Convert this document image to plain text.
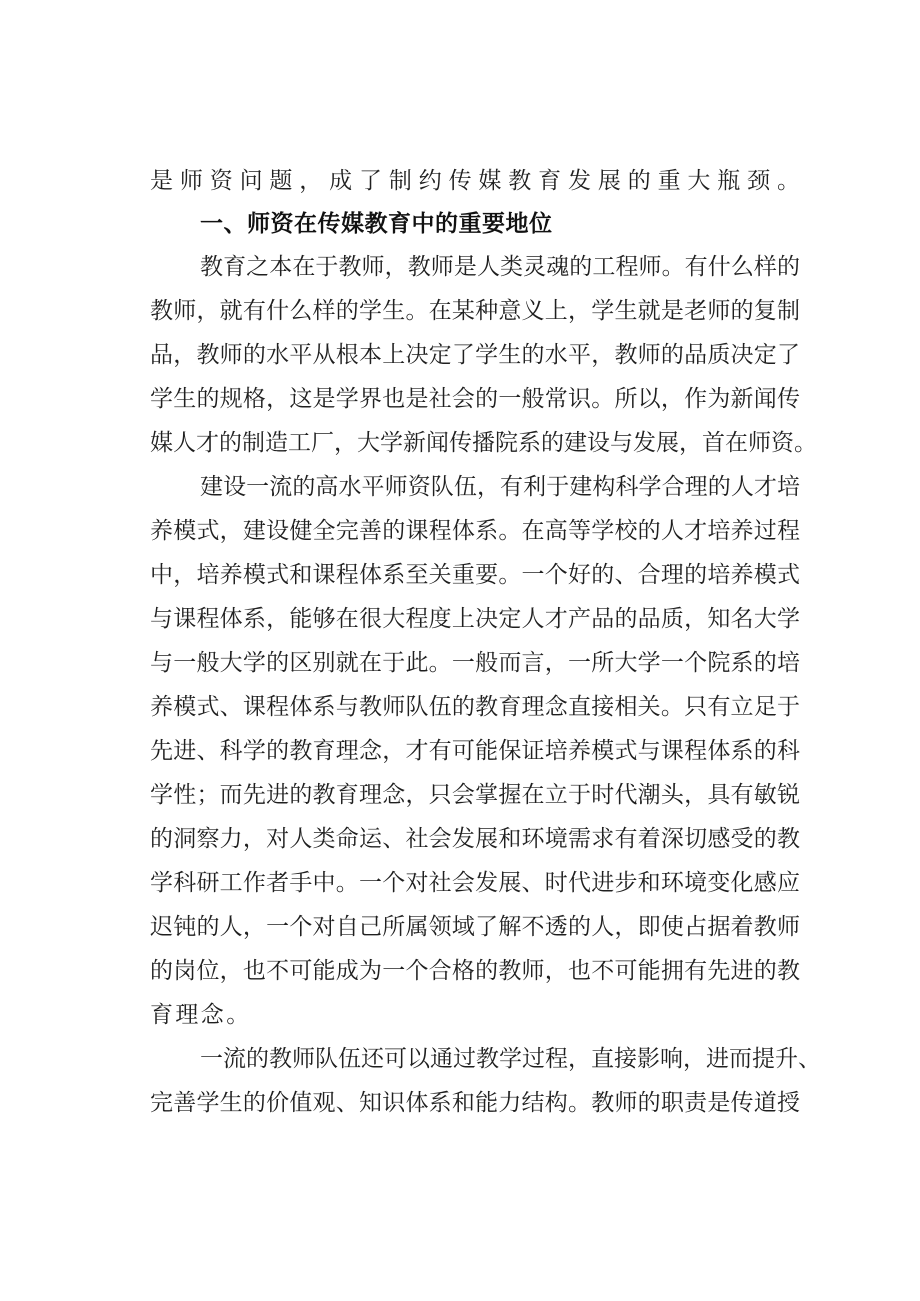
是师资问题，成了制约传媒教育发展的重大瓶颈。
一、师资在传媒教育中的重要地位
教育之本在于教师，教师是人类灵魂的工程师。有什么样的
教师，就有什么样的学生。在某种意义上，学生就是老师的复制
品，教师的水平从根本上决定了学生的水平，教师的品质决定了
学生的规格，这是学界也是社会的一般常识。所以，作为新闻传
媒人才的制造工厂，大学新闻传播院系的建设与发展，首在师资。
建设一流的高水平师资队伍，有利于建构科学合理的人才培
养模式，建设健全完善的课程体系。在高等学校的人才培养过程
中，培养模式和课程体系至关重要。一个好的、合理的培养模式
与课程体系，能够在很大程度上决定人才产品的品质，知名大学
与一般大学的区别就在于此。一般而言，一所大学一个院系的培
养模式、课程体系与教师队伍的教育理念直接相关。只有立足于
先进、科学的教育理念，才有可能保证培养模式与课程体系的科
学性；而先进的教育理念，只会掌握在立于时代潮头，具有敏锐
的洞察力，对人类命运、社会发展和环境需求有着深切感受的教
学科研工作者手中。一个对社会发展、时代进步和环境变化感应
迟钝的人，一个对自己所属领域了解不透的人，即使占据着教师
的岗位，也不可能成为一个合格的教师，也不可能拥有先进的教
育理念。
一流的教师队伍还可以通过教学过程，直接影响，进而提升、
完善学生的价值观、知识体系和能力结构。教师的职责是传道授
